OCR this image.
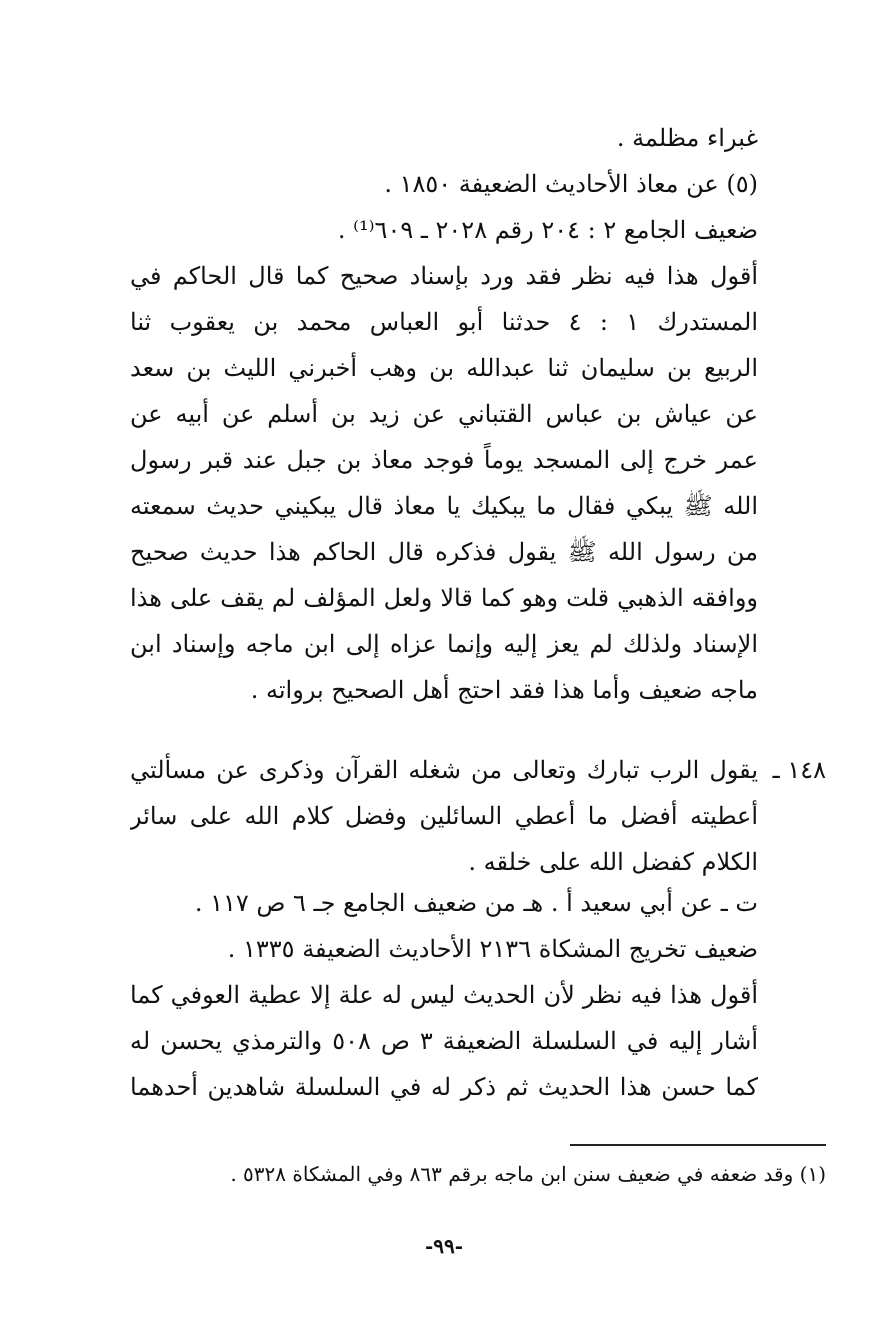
غبراء مظلمة .
(٥) عن معاذ الأحاديث الضعيفة ١٨٥٠ .
ضعيف الجامع ٢ : ٢٠٤ رقم ٢٠٢٨ ـ ٦٠٩⁽¹⁾ .
أقول هذا فيه نظر فقد ورد بإسناد صحيح كما قال الحاكم في
المستدرك ١ : ٤ حدثنا أبو العباس محمد بن يعقوب ثنا
الربيع بن سليمان ثنا عبدالله بن وهب أخبرني الليث بن سعد
عن عياش بن عباس القتباني عن زيد بن أسلم عن أبيه عن
عمر خرج إلى المسجد يوماً فوجد معاذ بن جبل عند قبر رسول
الله ﷺ يبكي فقال ما يبكيك يا معاذ قال يبكيني حديث سمعته
من رسول الله ﷺ يقول فذكره قال الحاكم هذا حديث صحيح
ووافقه الذهبي قلت وهو كما قالا ولعل المؤلف لم يقف على هذا
الإسناد ولذلك لم يعز إليه وإنما عزاه إلى ابن ماجه وإسناد ابن
ماجه ضعيف وأما هذا فقد احتج أهل الصحيح برواته .
١٤٨ ـ
يقول الرب تبارك وتعالى من شغله القرآن وذكرى عن مسألتي
أعطيته أفضل ما أعطي السائلين وفضل كلام الله على سائر
الكلام كفضل الله على خلقه .
ت ـ عن أبي سعيد أ . هـ من ضعيف الجامع جـ ٦ ص ١١٧ .
ضعيف تخريج المشكاة ٢١٣٦ الأحاديث الضعيفة ١٣٣٥ .
أقول هذا فيه نظر لأن الحديث ليس له علة إلا عطية العوفي كما
أشار إليه في السلسلة الضعيفة ٣ ص ٥٠٨ والترمذي يحسن له
كما حسن هذا الحديث ثم ذكر له في السلسلة شاهدين أحدهما
(١) وقد ضعفه في ضعيف سنن ابن ماجه برقم ٨٦٣ وفي المشكاة ٥٣٢٨ .
-٩٩-
